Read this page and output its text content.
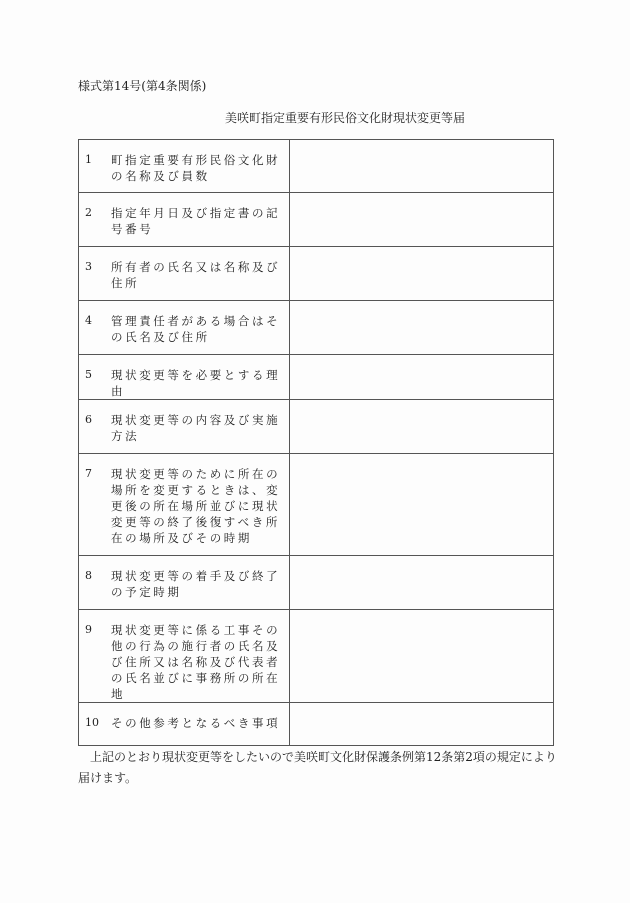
様式第14号(第4条関係)
美咲町指定重要有形民俗文化財現状変更等届
1 町指定重要有形民俗文化財の名称及び員数	

2 指定年月日及び指定書の記号番号	

3 所有者の氏名又は名称及び住所	

4 管理責任者がある場合はその氏名及び住所	

5 現状変更等を必要とする理由	

6 現状変更等の内容及び実施方法	

7 現状変更等のために所在の場所を変更するときは、変更後の所在場所並びに現状変更等の終了後復すべき所在の場所及びその時期	

8 現状変更等の着手及び終了の予定時期	

9 現状変更等に係る工事その他の行為の施行者の氏名及び住所又は名称及び代表者の氏名並びに事務所の所在地	

10 その他参考となるべき事項	

上記のとおり現状変更等をしたいので美咲町文化財保護条例第12条第2項の規定により届けます。
